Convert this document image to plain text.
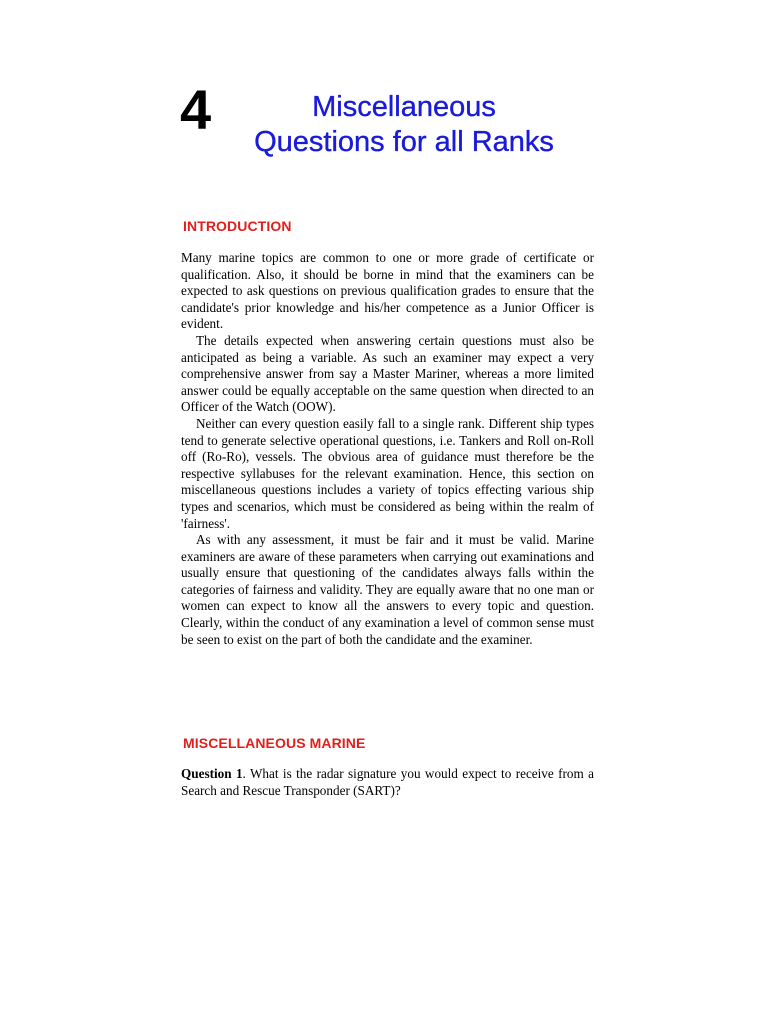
4	Miscellaneous
Questions for all Ranks
INTRODUCTION

Many marine topics are common to one or more grade of certificate or qualification. Also, it should be borne in mind that the examiners can be expected to ask questions on previous qualification grades to ensure that the candidate's prior knowledge and his/her competence as a Junior Officer is evident.

The details expected when answering certain questions must also be anticipated as being a variable. As such an examiner may expect a very comprehensive answer from say a Master Mariner, whereas a more limited answer could be equally acceptable on the same question when directed to an Officer of the Watch (OOW).

Neither can every question easily fall to a single rank. Different ship types tend to generate selective operational questions, i.e. Tankers and Roll on-Roll off (Ro-Ro), vessels. The obvious area of guidance must therefore be the respective syllabuses for the relevant examination. Hence, this section on miscellaneous questions includes a variety of topics effecting various ship types and scenarios, which must be considered as being within the realm of 'fairness'.

As with any assessment, it must be fair and it must be valid. Marine examiners are aware of these parameters when carrying out examinations and usually ensure that questioning of the candidates always falls within the categories of fairness and validity. They are equally aware that no one man or women can expect to know all the answers to every topic and question. Clearly, within the conduct of any examination a level of common sense must be seen to exist on the part of both the candidate and the examiner.

MISCELLANEOUS MARINE
Question 1. What is the radar signature you would expect to receive from a Search and Rescue Transponder (SART)?
